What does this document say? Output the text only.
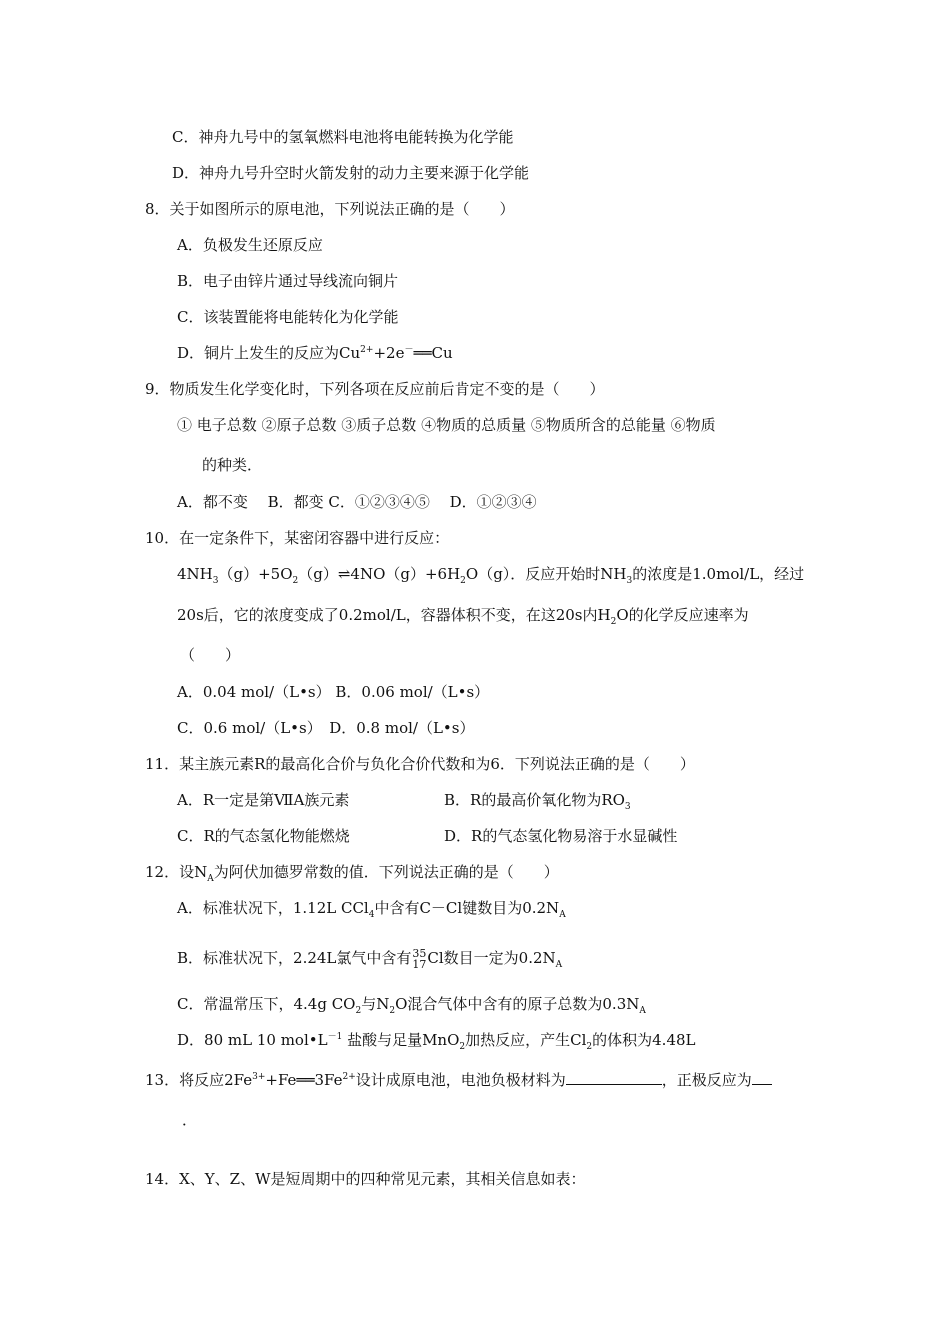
C．神舟九号中的氢氧燃料电池将电能转换为化学能
D．神舟九号升空时火箭发射的动力主要来源于化学能
8．关于如图所示的原电池，下列说法正确的是（　　）
A．负极发生还原反应
B．电子由锌片通过导线流向铜片
C．该装置能将电能转化为化学能
D．铜片上发生的反应为$Cu^{2+}+2e^-══Cu$
9．物质发生化学变化时，下列各项在反应前后肯定不变的是（　　）
① 电子总数 ②原子总数 ③质子总数 ④物质的总质量 ⑤物质所含的总能量 ⑥物质
的种类．
A．都不变　 B．都变 C．①②③④⑤　 D．①②③④
10．在一定条件下，某密闭容器中进行反应：
$4NH_3(g)+5O_2(g)\rightleftharpoons 4NO(g)+6H_2O(g)$．反应开始时$NH_3$的浓度是1.0mol/L，经过
20s后，它的浓度变成了0.2mol/L，容器体积不变，在这20s内$H_2O$的化学反应速率为
（　　）
A．0.04 mol/（L•s） B．0.06 mol/（L•s）
C．0.6 mol/（L•s）　D．0.8 mol/（L•s）
11．某主族元素R的最高化合价与负化合价代数和为6．下列说法正确的是（　　）
A．R一定是第ⅦA族元素	B．R的最高价氧化物为$RO_3$
C．R的气态氢化物能燃烧	D．R的气态氢化物易溶于水显碱性
12．设$N_A$为阿伏加德罗常数的值．下列说法正确的是（　　）
A．标准状况下，1.12L CCl$_4$中含有C－Cl键数目为$0.2N_A$
B．标准状况下，2.24L氯气中含有35
17Cl数目一定为$0.2N_A$
C．常温常压下，4.4g $CO_2$与$N_2O$混合气体中含有的原子总数为$0.3N_A$
D．80 mL 10 $mol•L^{-1}$ 盐酸与足量MnO$_2$加热反应，产生$Cl_2$的体积为4.48L
13．将反应$2Fe^{3+}+Fe══3Fe^{2+}$设计成原电池，电池负极材料为	，正极反应为
．
14．X、Y、Z、W是短周期中的四种常见元素，其相关信息如表：
